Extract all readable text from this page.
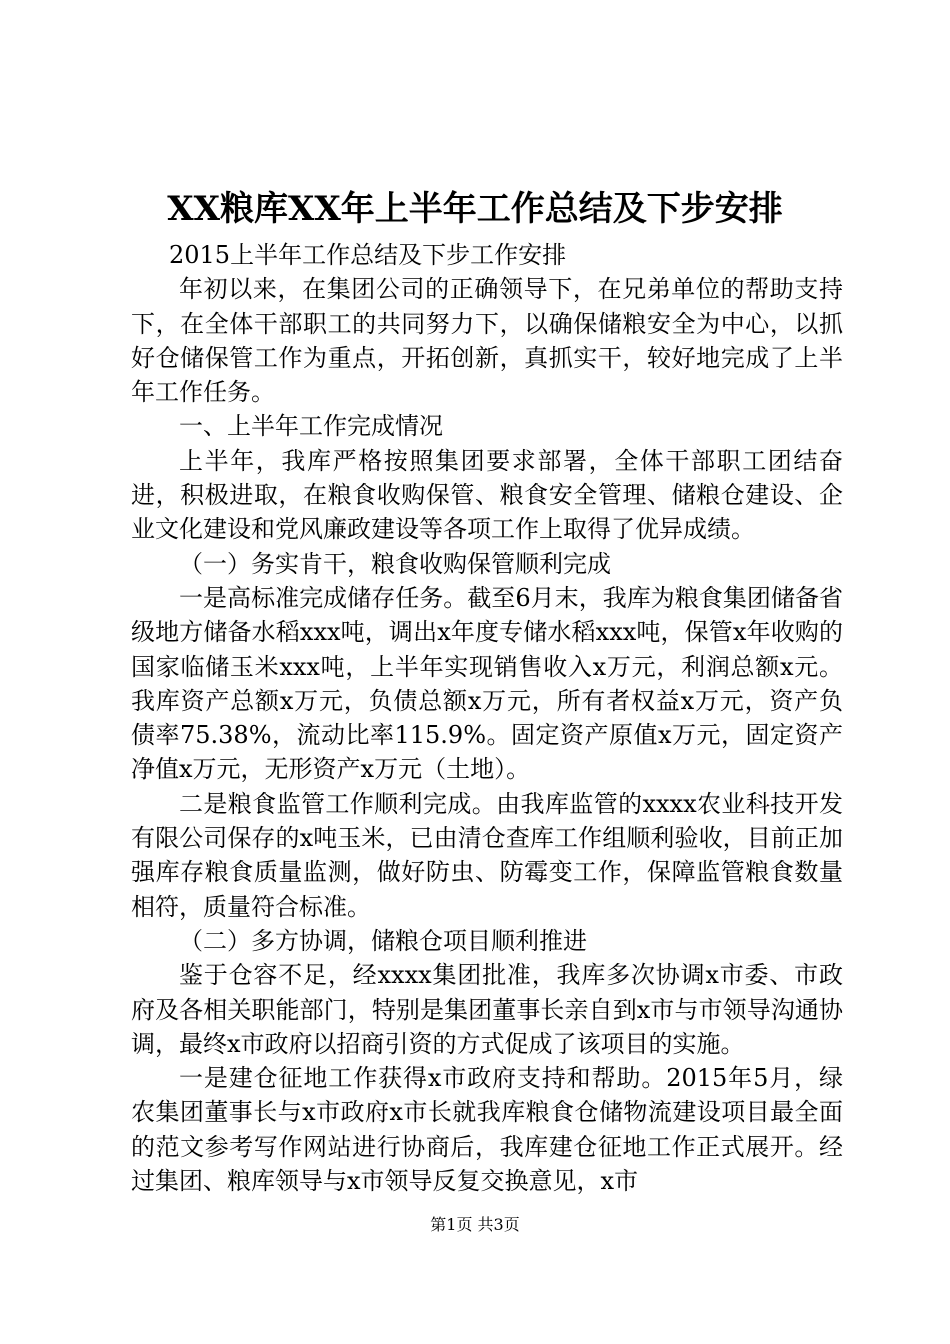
XX粮库XX年上半年工作总结及下步安排

2015上半年工作总结及下步工作安排

年初以来，在集团公司的正确领导下，在兄弟单位的帮助支持下，在全体干部职工的共同努力下，以确保储粮安全为中心，以抓好仓储保管工作为重点，开拓创新，真抓实干，较好地完成了上半年工作任务。

一、上半年工作完成情况

上半年，我库严格按照集团要求部署，全体干部职工团结奋进，积极进取，在粮食收购保管、粮食安全管理、储粮仓建设、企业文化建设和党风廉政建设等各项工作上取得了优异成绩。

（一）务实肯干，粮食收购保管顺利完成

一是高标准完成储存任务。截至6月末，我库为粮食集团储备省级地方储备水稻xxx吨，调出x年度专储水稻xxx吨，保管x年收购的国家临储玉米xxx吨，上半年实现销售收入x万元，利润总额x元。我库资产总额x万元，负债总额x万元，所有者权益x万元，资产负债率75.38%，流动比率115.9%。固定资产原值x万元，固定资产净值x万元，无形资产x万元（土地）。

二是粮食监管工作顺利完成。由我库监管的xxxx农业科技开发有限公司保存的x吨玉米，已由清仓查库工作组顺利验收，目前正加强库存粮食质量监测，做好防虫、防霉变工作，保障监管粮食数量相符，质量符合标准。

（二）多方协调，储粮仓项目顺利推进

鉴于仓容不足，经xxxx集团批准，我库多次协调x市委、市政府及各相关职能部门，特别是集团董事长亲自到x市与市领导沟通协调，最终x市政府以招商引资的方式促成了该项目的实施。

一是建仓征地工作获得x市政府支持和帮助。2015年5月，绿农集团董事长与x市政府x市长就我库粮食仓储物流建设项目最全面的范文参考写作网站进行协商后，我库建仓征地工作正式展开。经过集团、粮库领导与x市领导反复交换意见，x市

第1页 共3页
